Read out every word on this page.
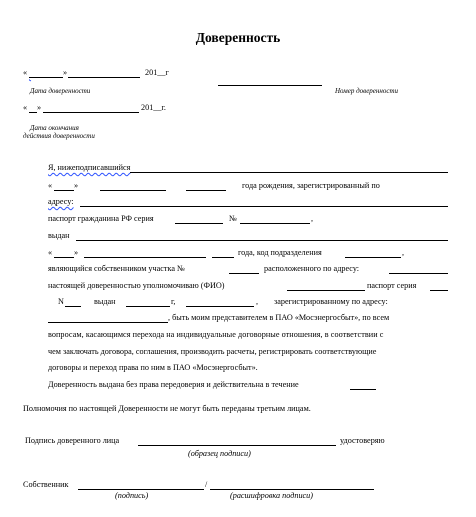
Доверенность
«
	»	201__г
Дата доверенности	Номер доверенности
« »	201__г.
Дата окончания
действия доверенности
Я, нижеподписавшийся
«	»	года рождения, зарегистрированный по
адресу:
паспорт гражданина РФ серия	№	,
выдан
«	»	года, код подразделения	,
являющийся собственником участка №	расположенного по адресу:
настоящей доверенностью уполномочиваю (ФИО)	паспорт серия
N	выдан	г,	, зарегистрированному по адресу:
, быть моим представителем в ПАО «Мосэнергосбыт», по всем
вопросам, касающимся перехода на индивидуальные договорные отношения, в соответствии с
чем заключать договора, соглашения, производить расчеты, регистрировать соответствующие
договоры и переход права по ним в ПАО «Мосэнергосбыт».
Доверенность выдана без права передоверия и действительна в течение
Полномочия по настоящей Доверенности не могут быть переданы третьим лицам.
Подпись доверенного лица	удостоверяю
(образец подписи)
Собственник	/
(подпись)	(расшифровка подписи)
